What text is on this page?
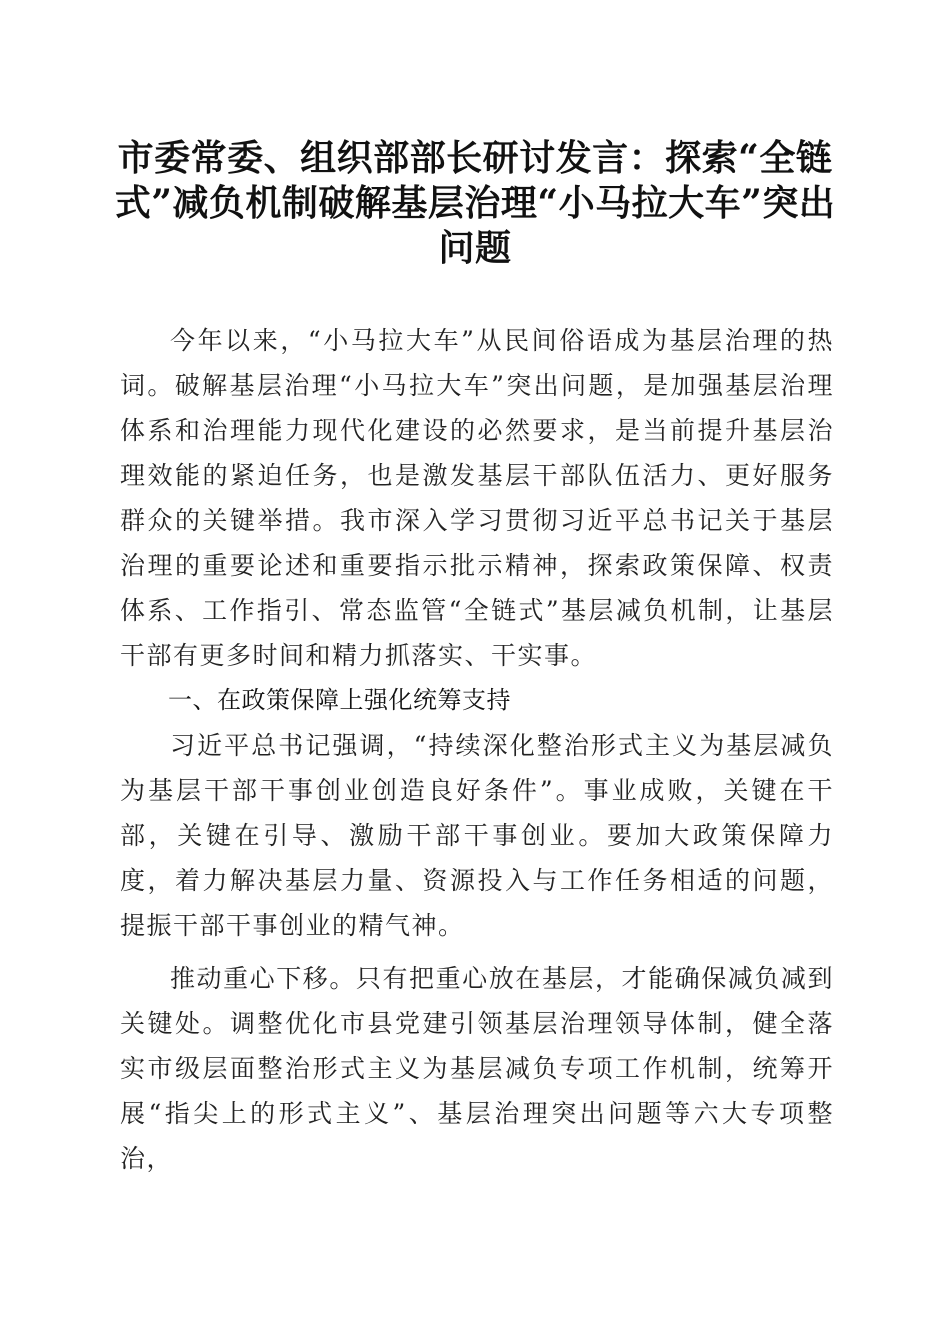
市委常委、组织部部长研讨发言：探索“全链式”减负机制破解基层治理“小马拉大车”突出问题

今年以来，“小马拉大车”从民间俗语成为基层治理的热词。破解基层治理“小马拉大车”突出问题，是加强基层治理体系和治理能力现代化建设的必然要求，是当前提升基层治理效能的紧迫任务，也是激发基层干部队伍活力、更好服务群众的关键举措。我市深入学习贯彻习近平总书记关于基层治理的重要论述和重要指示批示精神，探索政策保障、权责体系、工作指引、常态监管“全链式”基层减负机制，让基层干部有更多时间和精力抓落实、干实事。

一、在政策保障上强化统筹支持

习近平总书记强调，“持续深化整治形式主义为基层减负为基层干部干事创业创造良好条件”。事业成败，关键在干部，关键在引导、激励干部干事创业。要加大政策保障力度，着力解决基层力量、资源投入与工作任务相适的问题，提振干部干事创业的精气神。

推动重心下移。只有把重心放在基层，才能确保减负减到关键处。调整优化市县党建引领基层治理领导体制，健全落实市级层面整治形式主义为基层减负专项工作机制，统筹开展“指尖上的形式主义”、基层治理突出问题等六大专项整治，
